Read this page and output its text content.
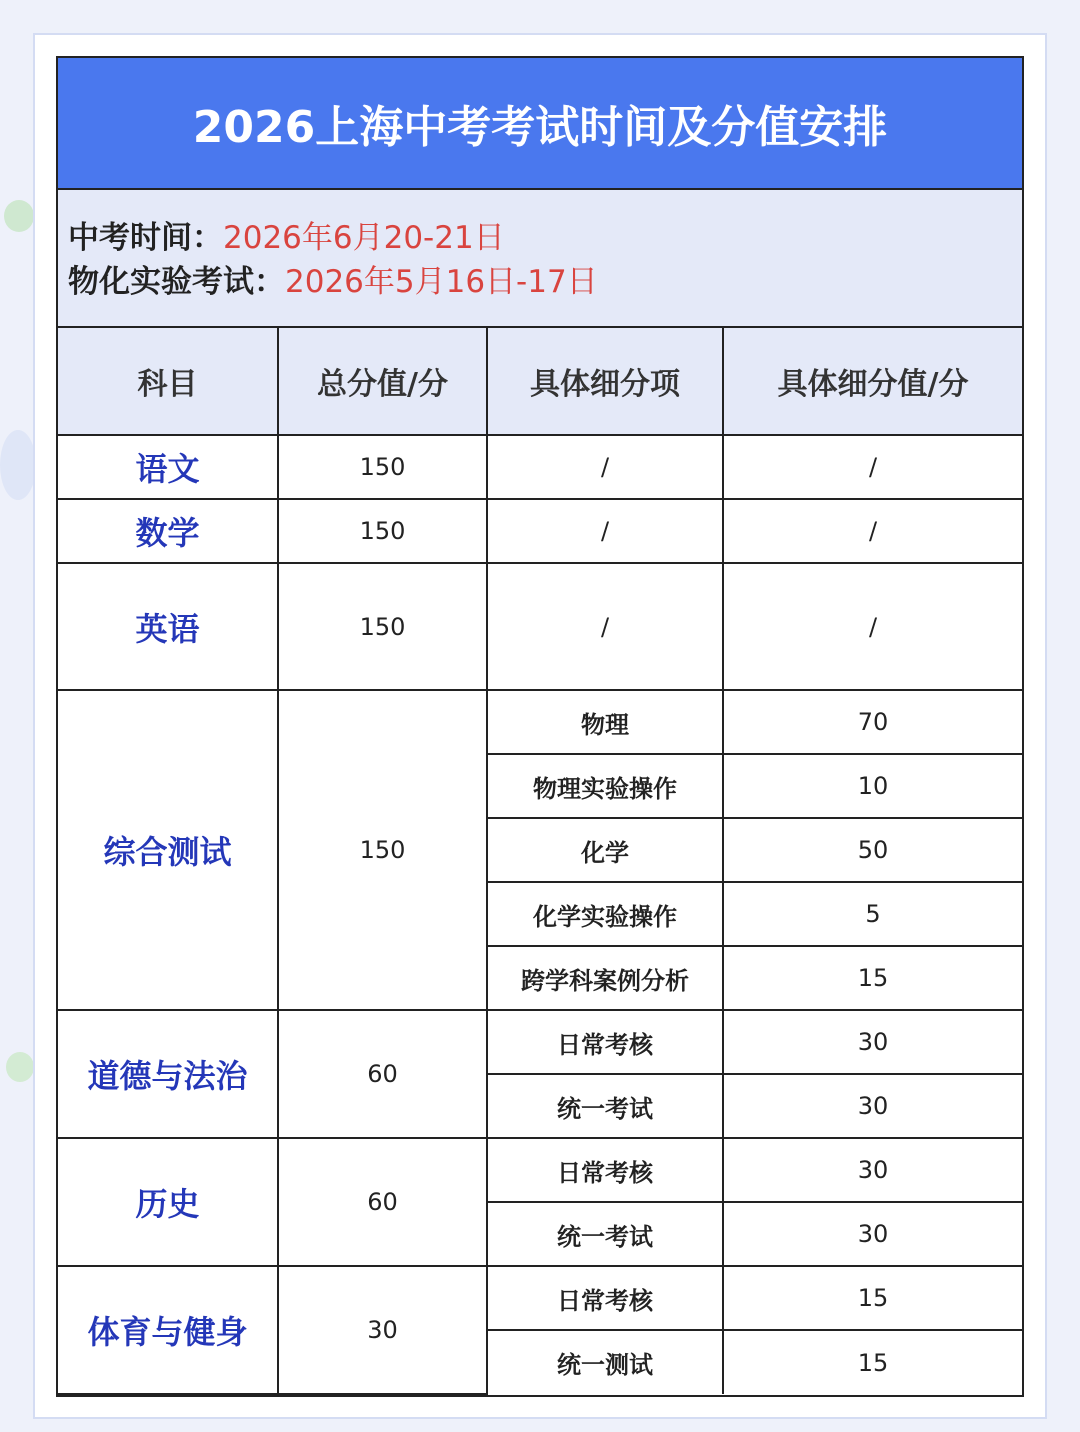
2026上海中考考试时间及分值安排
中考时间：2026年6月20-21日
物化实验考试：2026年5月16日-17日
科目	总分值/分	具体细分项	具体细分值/分
语文	150	/	/
数学	150	/	/
英语	150	/	/
综合测试	150	物理	70
		物理实验操作	10
		化学	50
		化学实验操作	5
		跨学科案例分析	15
道德与法治	60	日常考核	30
		统一考试	30
历史	60	日常考核	30
		统一考试	30
体育与健身	30	日常考核	15
		统一测试	15
